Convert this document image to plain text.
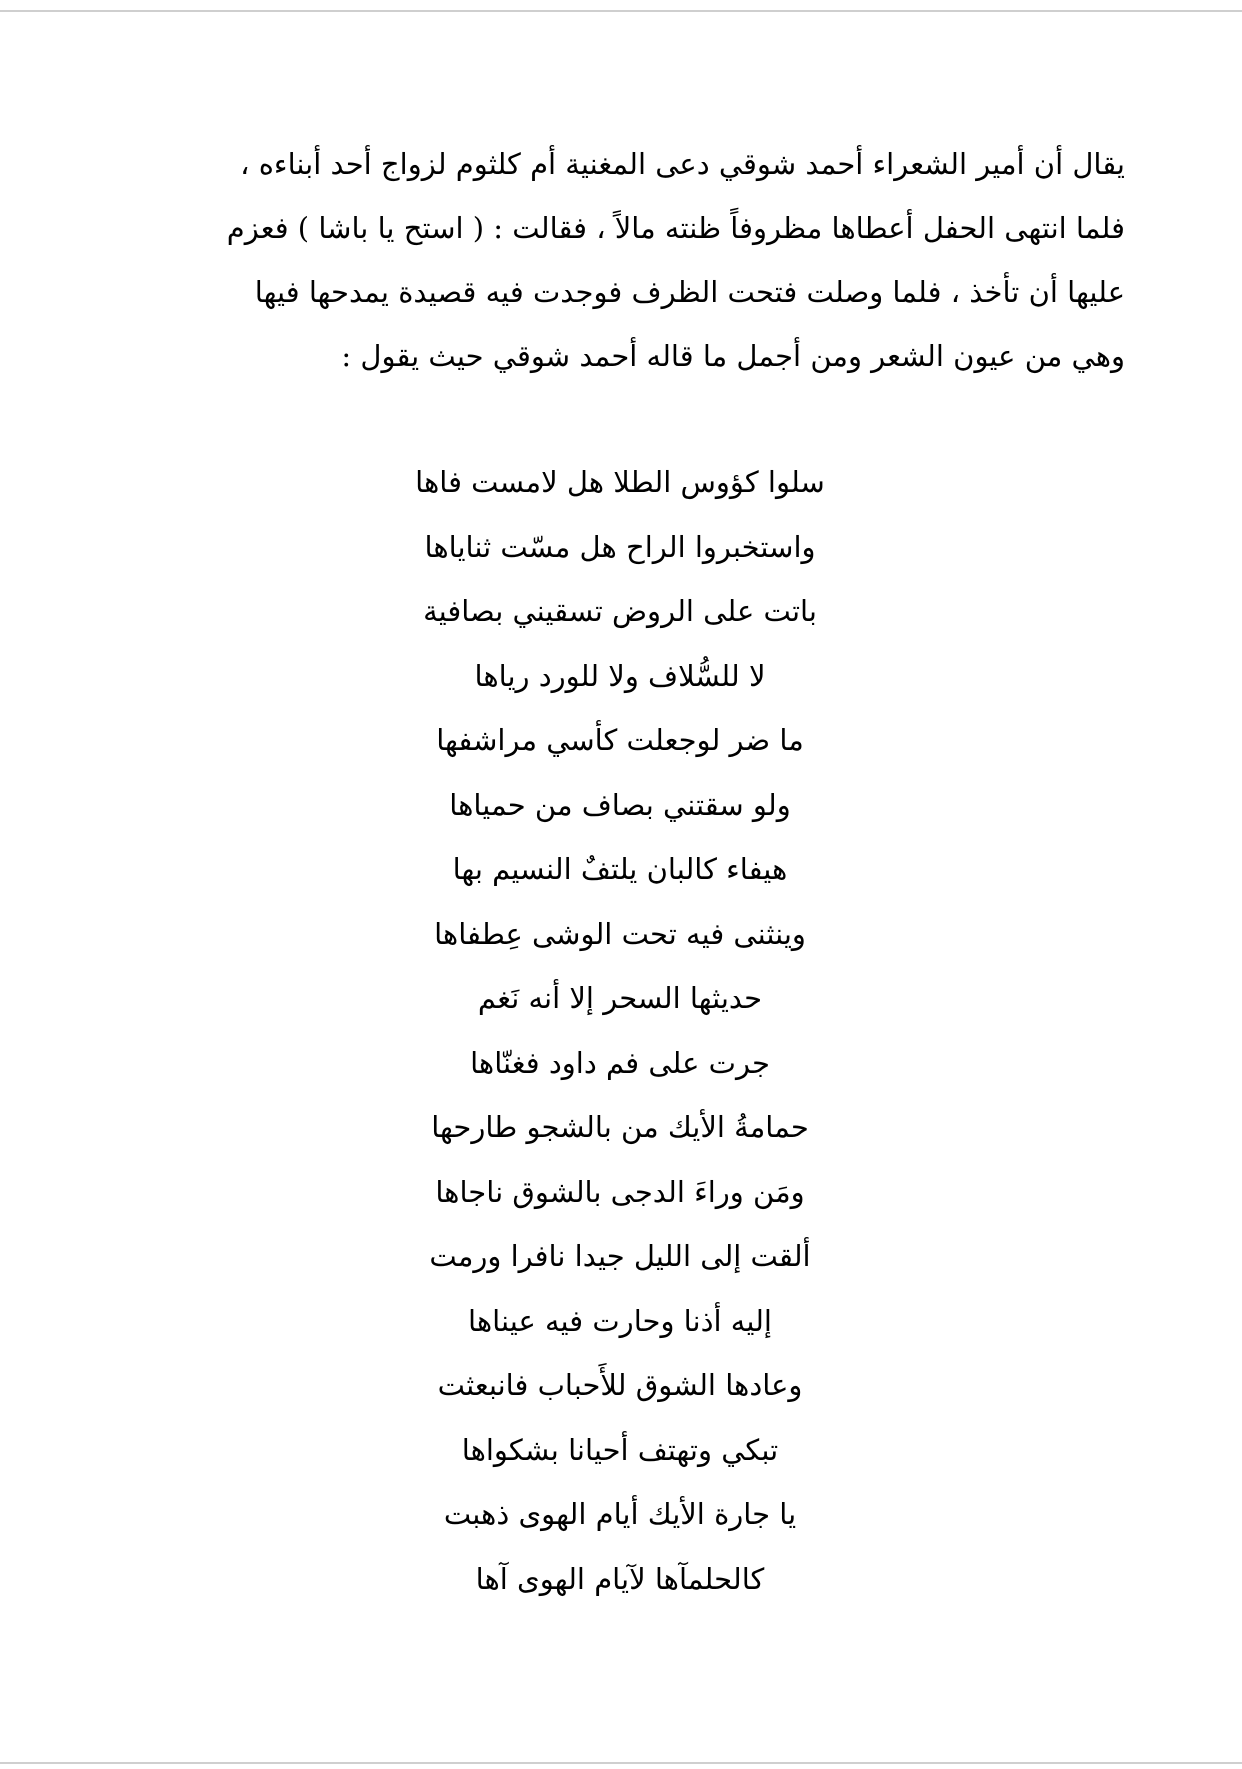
يقال أن أمير الشعراء أحمد شوقي دعى المغنية أم كلثوم لزواج أحد أبناءه ،
فلما انتهى الحفل أعطاها مظروفاً ظنته مالاً ، فقالت : ( استح يا باشا ) فعزم
عليها أن تأخذ ، فلما وصلت فتحت الظرف فوجدت فيه قصيدة يمدحها فيها
وهي من عيون الشعر ومن أجمل ما قاله أحمد شوقي حيث يقول :
سلوا كؤوس الطلا هل لامست فاها
واستخبروا الراح هل مسّت ثناياها
باتت على الروض تسقيني بصافية
لا للسُّلاف ولا للورد رياها
ما ضر لوجعلت كأسي مراشفها
ولو سقتني بصاف من حمياها
هيفاء كالبان يلتفٌ النسيم بها
وينثنى فيه تحت الوشى عِطفاها
حديثها السحر إلا أنه نَغم
جرت على فم داود فغنّاها
حمامةُ الأيك من بالشجو طارحها
ومَن وراءَ الدجى بالشوق ناجاها
ألقت إلى الليل جيدا نافرا ورمت
إليه أذنا وحارت فيه عيناها
وعادها الشوق للأَحباب فانبعثت
تبكي وتهتف أحيانا بشكواها
يا جارة الأيك أيام الهوى ذهبت
كالحلمآها لآيام الهوى آها
